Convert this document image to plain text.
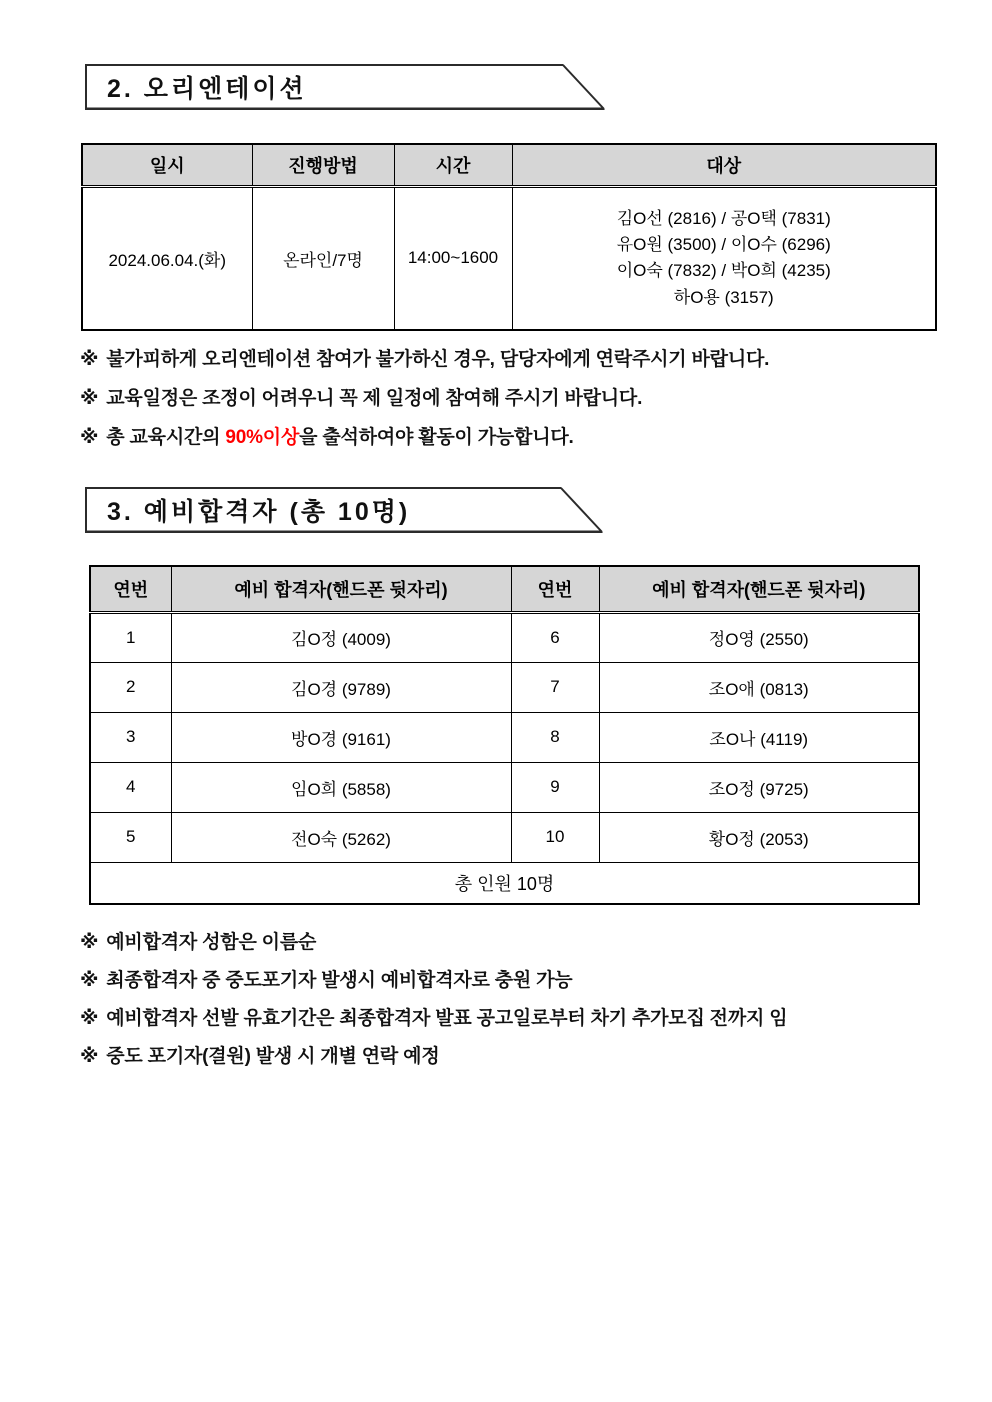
2. 오리엔테이션
일시	진행방법	시간	대상
2024.06.04.(화)	온라인/7명	14:00~1600	김O선 (2816) / 공O택 (7831)
유O원 (3500) / 이O수 (6296)
이O숙 (7832) / 박O희 (4235)
하O용 (3157)
※ 불가피하게 오리엔테이션 참여가 불가하신 경우, 담당자에게 연락주시기 바랍니다.
※ 교육일정은 조정이 어려우니 꼭 제 일정에 참여해 주시기 바랍니다.
※ 총 교육시간의 90%이상을 출석하여야 활동이 가능합니다.
3. 예비합격자 (총 10명)
연번	예비 합격자(핸드폰 뒷자리)	연번	예비 합격자(핸드폰 뒷자리)
1	김O정 (4009)	6	정O영 (2550)
2	김O경 (9789)	7	조O애 (0813)
3	방O경 (9161)	8	조O나 (4119)
4	임O희 (5858)	9	조O정 (9725)
5	전O숙 (5262)	10	황O정 (2053)
총 인원 10명			
※ 예비합격자 성함은 이름순
※ 최종합격자 중 중도포기자 발생시 예비합격자로 충원 가능
※ 예비합격자 선발 유효기간은 최종합격자 발표 공고일로부터 차기 추가모집 전까지 임
※ 중도 포기자(결원) 발생 시 개별 연락 예정
